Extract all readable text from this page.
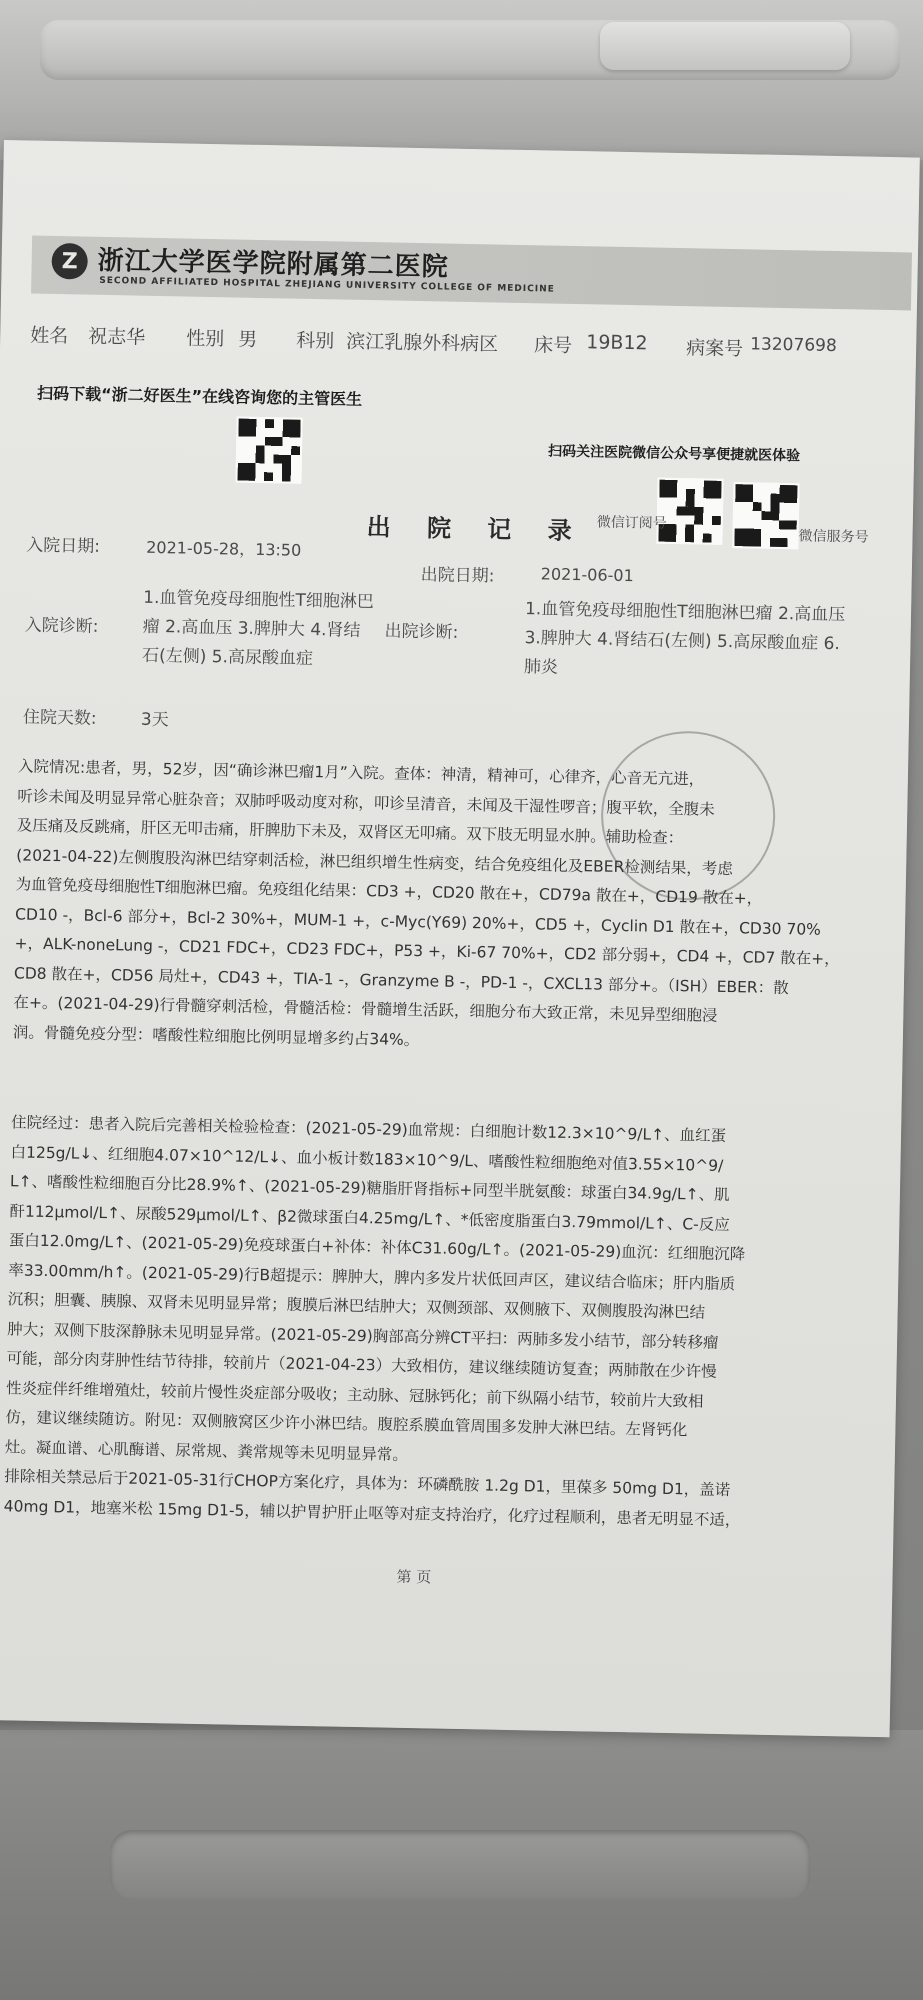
Z 浙江大学医学院附属第二医院
SECOND AFFILIATED HOSPITAL ZHEJIANG UNIVERSITY COLLEGE OF MEDICINE
姓名 祝志华 性别 男 科别 滨江乳腺外科病区 床号 19B12 病案号 13207698
扫码下载“浙二好医生”在线咨询您的主管医生
扫码关注医院微信公众号享便捷就医体验
微信订阅号
微信服务号
出 院 记 录
入院日期:	2021-05-28，13:50
出院日期:	2021-06-01
入院诊断:
1.血管免疫母细胞性T细胞淋巴
瘤 2.高血压 3.脾肿大 4.肾结
石(左侧) 5.高尿酸血症
出院诊断:
1.血管免疫母细胞性T细胞淋巴瘤 2.高血压
3.脾肿大 4.肾结石(左侧) 5.高尿酸血症 6.
肺炎
住院天数:	3天
入院情况:患者，男，52岁，因“确诊淋巴瘤1月”入院。查体：神清，精神可，心律齐，心音无亢进，
听诊未闻及明显异常心脏杂音；双肺呼吸动度对称，叩诊呈清音，未闻及干湿性啰音；腹平软，全腹未
及压痛及反跳痛，肝区无叩击痛，肝脾肋下未及，双肾区无叩痛。双下肢无明显水肿。辅助检查：
(2021-04-22)左侧腹股沟淋巴结穿刺活检，淋巴组织增生性病变，结合免疫组化及EBER检测结果，考虑
为血管免疫母细胞性T细胞淋巴瘤。免疫组化结果：CD3 +，CD20 散在+，CD79a 散在+，CD19 散在+，
CD10 -，Bcl-6 部分+，Bcl-2 30%+，MUM-1 +，c-Myc(Y69) 20%+，CD5 +，Cyclin D1 散在+，CD30 70%
+，ALK-noneLung -，CD21 FDC+，CD23 FDC+，P53 +，Ki-67 70%+，CD2 部分弱+，CD4 +，CD7 散在+，
CD8 散在+，CD56 局灶+，CD43 +，TIA-1 -，Granzyme B -，PD-1 -，CXCL13 部分+。（ISH）EBER：散
在+。(2021-04-29)行骨髓穿刺活检，骨髓活检：骨髓增生活跃，细胞分布大致正常，未见异型细胞浸
润。骨髓免疫分型：嗜酸性粒细胞比例明显增多约占34%。
住院经过：患者入院后完善相关检验检查：(2021-05-29)血常规：白细胞计数12.3×10^9/L↑、血红蛋
白125g/L↓、红细胞4.07×10^12/L↓、血小板计数183×10^9/L、嗜酸性粒细胞绝对值3.55×10^9/
L↑、嗜酸性粒细胞百分比28.9%↑、(2021-05-29)糖脂肝肾指标+同型半胱氨酸：球蛋白34.9g/L↑、肌
酐112μmol/L↑、尿酸529μmol/L↑、β2微球蛋白4.25mg/L↑、*低密度脂蛋白3.79mmol/L↑、C-反应
蛋白12.0mg/L↑、(2021-05-29)免疫球蛋白+补体：补体C31.60g/L↑。(2021-05-29)血沉：红细胞沉降
率33.00mm/h↑。(2021-05-29)行B超提示：脾肿大，脾内多发片状低回声区，建议结合临床；肝内脂质
沉积；胆囊、胰腺、双肾未见明显异常；腹膜后淋巴结肿大；双侧颈部、双侧腋下、双侧腹股沟淋巴结
肿大；双侧下肢深静脉未见明显异常。(2021-05-29)胸部高分辨CT平扫：两肺多发小结节，部分转移瘤
可能，部分肉芽肿性结节待排，较前片（2021-04-23）大致相仿，建议继续随访复查；两肺散在少许慢
性炎症伴纤维增殖灶，较前片慢性炎症部分吸收；主动脉、冠脉钙化；前下纵隔小结节，较前片大致相
仿，建议继续随访。附见：双侧腋窝区少许小淋巴结。腹腔系膜血管周围多发肿大淋巴结。左肾钙化
灶。凝血谱、心肌酶谱、尿常规、粪常规等未见明显异常。
排除相关禁忌后于2021-05-31行CHOP方案化疗，具体为：环磷酰胺 1.2g D1，里葆多 50mg D1，盖诺
40mg D1，地塞米松 15mg D1-5，辅以护胃护肝止呕等对症支持治疗，化疗过程顺利，患者无明显不适，
第 页
